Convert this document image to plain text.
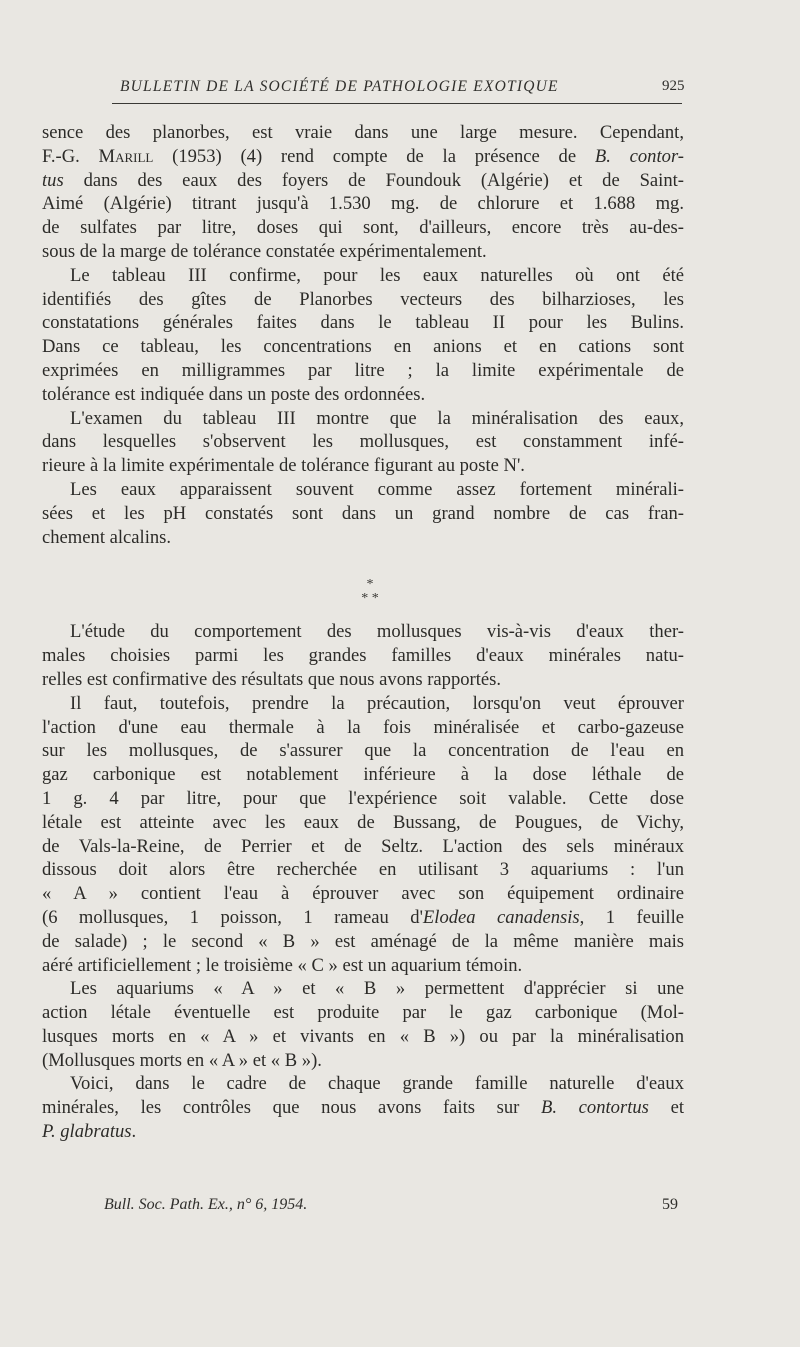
BULLETIN DE LA SOCIÉTÉ DE PATHOLOGIE EXOTIQUE	925
sence des planorbes, est vraie dans une large mesure. Cependant,
F.-G. Marill (1953) (4) rend compte de la présence de B. contor-
tus dans des eaux des foyers de Foundouk (Algérie) et de Saint-
Aimé (Algérie) titrant jusqu'à 1.530 mg. de chlorure et 1.688 mg.
de sulfates par litre, doses qui sont, d'ailleurs, encore très au-des-
sous de la marge de tolérance constatée expérimentalement.
Le tableau III confirme, pour les eaux naturelles où ont été
identifiés des gîtes de Planorbes vecteurs des bilharzioses, les
constatations générales faites dans le tableau II pour les Bulins.
Dans ce tableau, les concentrations en anions et en cations sont
exprimées en milligrammes par litre ; la limite expérimentale de
tolérance est indiquée dans un poste des ordonnées.
L'examen du tableau III montre que la minéralisation des eaux,
dans lesquelles s'observent les mollusques, est constamment infé-
rieure à la limite expérimentale de tolérance figurant au poste N'.
Les eaux apparaissent souvent comme assez fortement minérali-
sées et les pH constatés sont dans un grand nombre de cas fran-
chement alcalins.
L'étude du comportement des mollusques vis-à-vis d'eaux ther-
males choisies parmi les grandes familles d'eaux minérales natu-
relles est confirmative des résultats que nous avons rapportés.
Il faut, toutefois, prendre la précaution, lorsqu'on veut éprouver
l'action d'une eau thermale à la fois minéralisée et carbo-gazeuse
sur les mollusques, de s'assurer que la concentration de l'eau en
gaz carbonique est notablement inférieure à la dose léthale de
1 g. 4 par litre, pour que l'expérience soit valable. Cette dose
létale est atteinte avec les eaux de Bussang, de Pougues, de Vichy,
de Vals-la-Reine, de Perrier et de Seltz. L'action des sels minéraux
dissous doit alors être recherchée en utilisant 3 aquariums : l'un
« A » contient l'eau à éprouver avec son équipement ordinaire
(6 mollusques, 1 poisson, 1 rameau d'Elodea canadensis, 1 feuille
de salade) ; le second « B » est aménagé de la même manière mais
aéré artificiellement ; le troisième « C » est un aquarium témoin.
Les aquariums « A » et « B » permettent d'apprécier si une
action létale éventuelle est produite par le gaz carbonique (Mol-
lusques morts en « A » et vivants en « B ») ou par la minéralisation
(Mollusques morts en « A » et « B »).
Voici, dans le cadre de chaque grande famille naturelle d'eaux
minérales, les contrôles que nous avons faits sur B. contortus et
P. glabratus.
*
* *
Bull. Soc. Path. Ex., n° 6, 1954.	59
